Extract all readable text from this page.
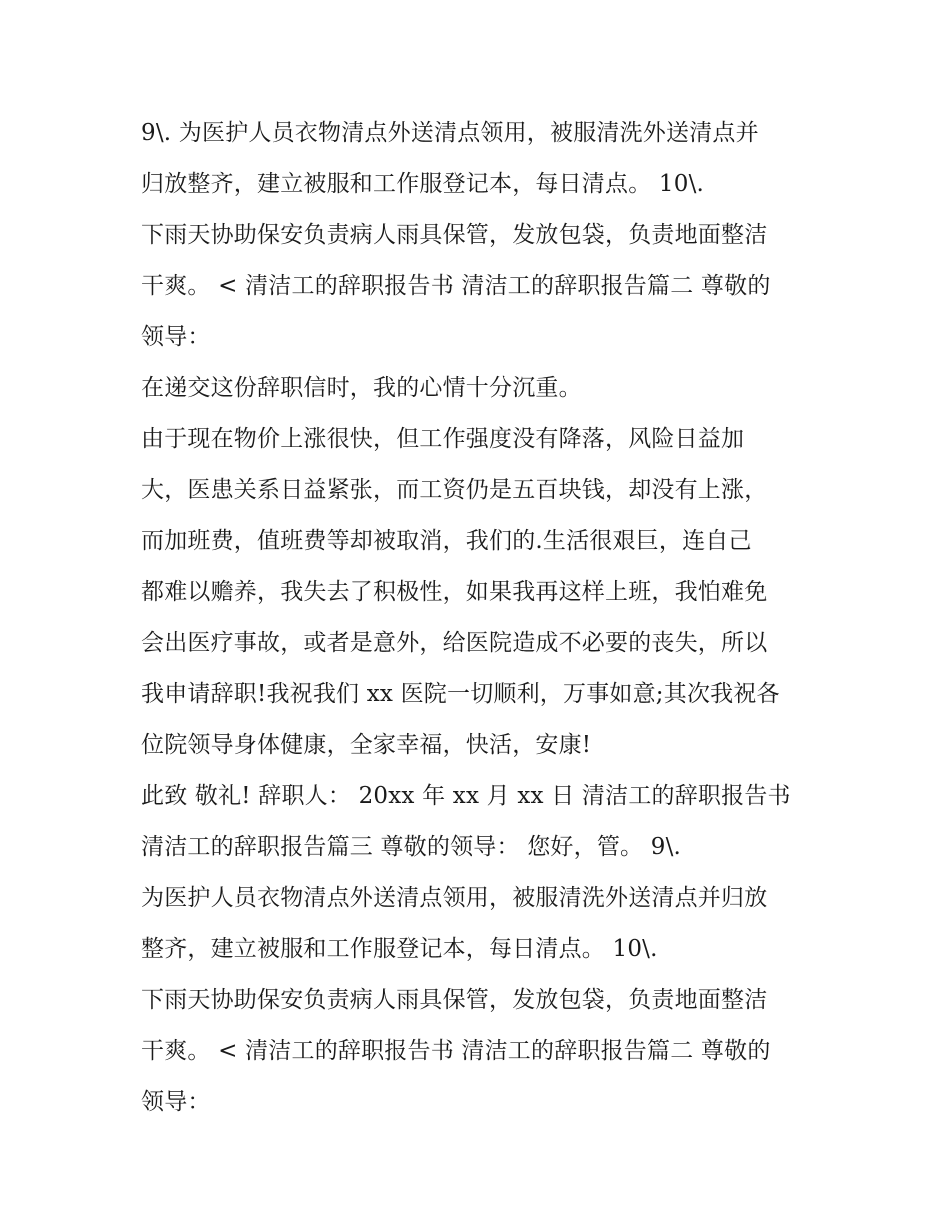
9\. 为医护人员衣物清点外送清点领用，被服清洗外送清点并
归放整齐，建立被服和工作服登记本，每日清点。 10\.
下雨天协助保安负责病人雨具保管，发放包袋，负责地面整洁
干爽。 < 清洁工的辞职报告书 清洁工的辞职报告篇二 尊敬的
领导：
在递交这份辞职信时，我的心情十分沉重。
由于现在物价上涨很快，但工作强度没有降落，风险日益加
大，医患关系日益紧张，而工资仍是五百块钱，却没有上涨，
而加班费，值班费等却被取消，我们的.生活很艰巨，连自己
都难以赡养，我失去了积极性，如果我再这样上班，我怕难免
会出医疗事故，或者是意外，给医院造成不必要的丧失，所以
我申请辞职!我祝我们 xx 医院一切顺利，万事如意;其次我祝各
位院领导身体健康，全家幸福，快活，安康!
此致 敬礼! 辞职人： 20xx 年 xx 月 xx 日 清洁工的辞职报告书
清洁工的辞职报告篇三 尊敬的领导： 您好，管。 9\.
为医护人员衣物清点外送清点领用，被服清洗外送清点并归放
整齐，建立被服和工作服登记本，每日清点。 10\.
下雨天协助保安负责病人雨具保管，发放包袋，负责地面整洁
干爽。 < 清洁工的辞职报告书 清洁工的辞职报告篇二 尊敬的
领导：
